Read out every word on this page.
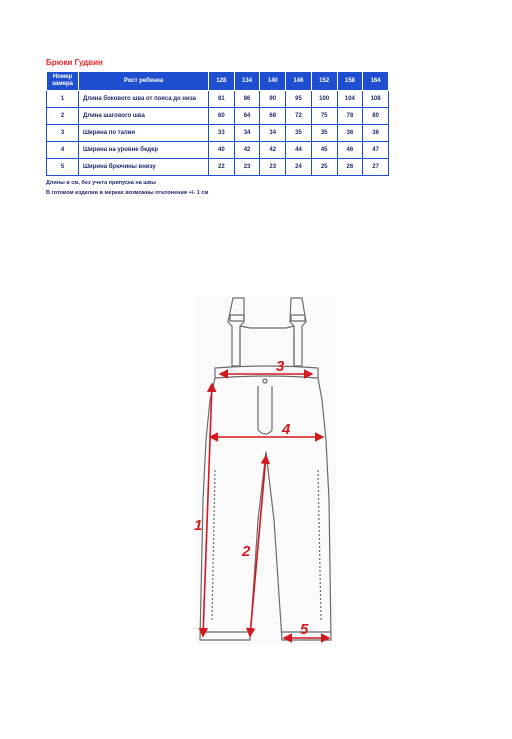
Брюки Гудвин
Номер замера	Рост ребенка	128	134	140	146	152	158	164
1	Длина бокового шва от пояса до низа	81	86	90	95	100	104	108
2	Длина шагового шва	60	64	68	72	75	78	80
3	Ширина по талии	33	34	34	35	35	36	36
4	Ширина на уровне бедер	40	42	42	44	45	46	47
5	Ширина брючины внизу	22	23	23	24	25	26	27
Длины в см, без учета припуска на швы
В готовом изделии в мерках возможны отклонения +/- 1 см
1
2
3
4
5
